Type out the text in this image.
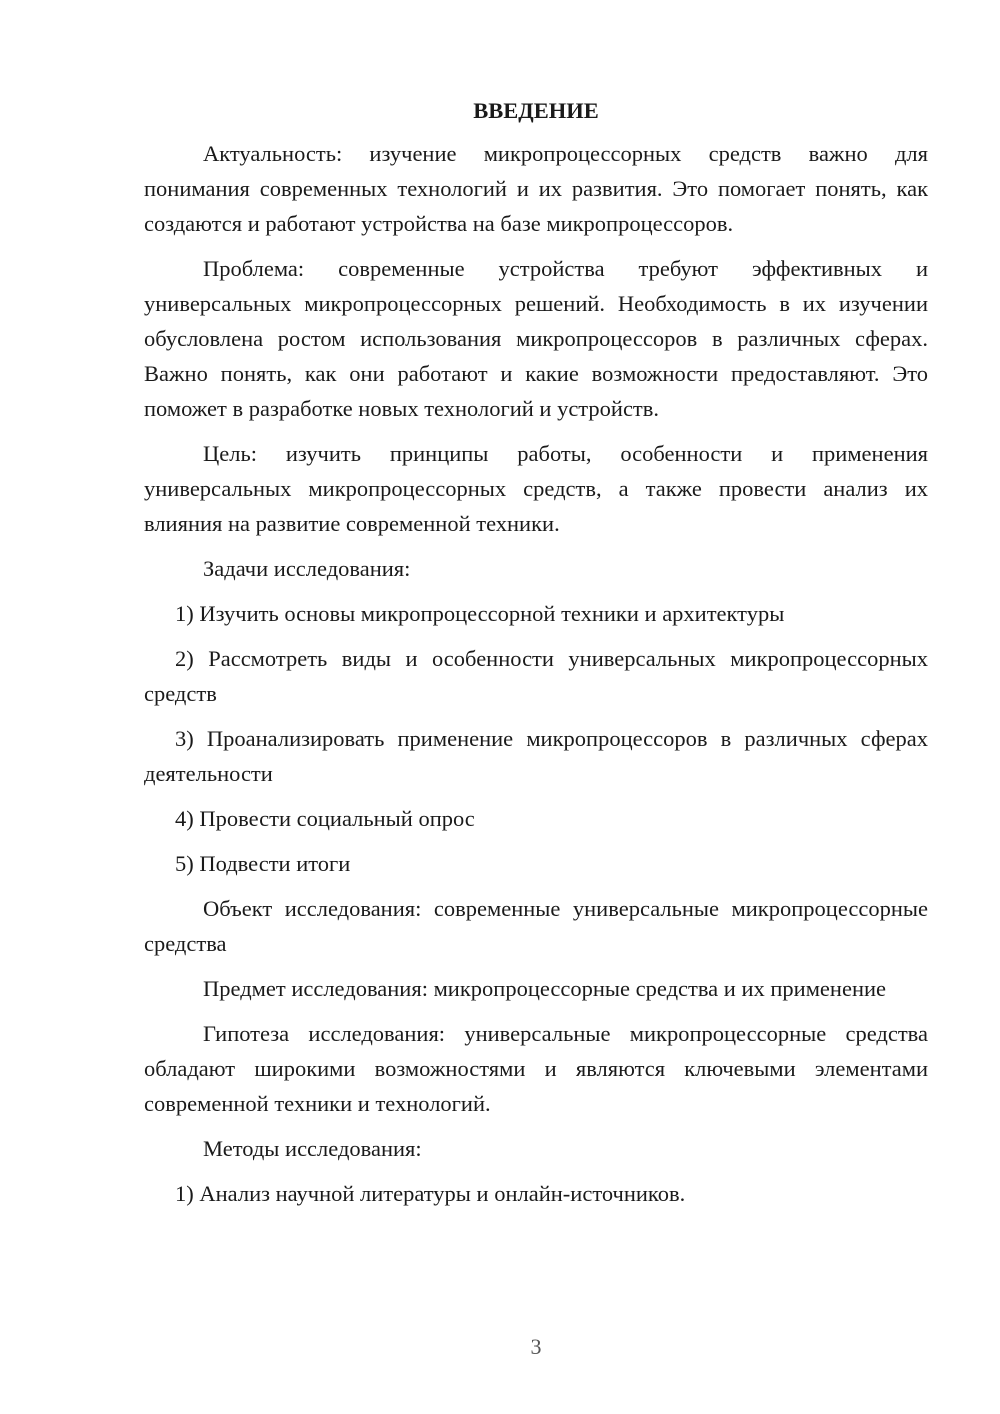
ВВЕДЕНИЕ

Актуальность: изучение микропроцессорных средств важно для понимания современных технологий и их развития. Это помогает понять, как создаются и работают устройства на базе микропроцессоров.

Проблема: современные устройства требуют эффективных и универсальных микропроцессорных решений. Необходимость в их изучении обусловлена ростом использования микропроцессоров в различных сферах. Важно понять, как они работают и какие возможности предоставляют. Это поможет в разработке новых технологий и устройств.

Цель: изучить принципы работы, особенности и применения универсальных микропроцессорных средств, а также провести анализ их влияния на развитие современной техники.

Задачи исследования:

1) Изучить основы микропроцессорной техники и архитектуры

2) Рассмотреть виды и особенности универсальных микропроцессорных средств

3) Проанализировать применение микропроцессоров в различных сферах деятельности

4) Провести социальный опрос

5) Подвести итоги

Объект исследования: современные универсальные микропроцессорные средства

Предмет исследования: микропроцессорные средства и их применение

Гипотеза исследования: универсальные микропроцессорные средства обладают широкими возможностями и являются ключевыми элементами современной техники и технологий.

Методы исследования:

1) Анализ научной литературы и онлайн-источников.

3
